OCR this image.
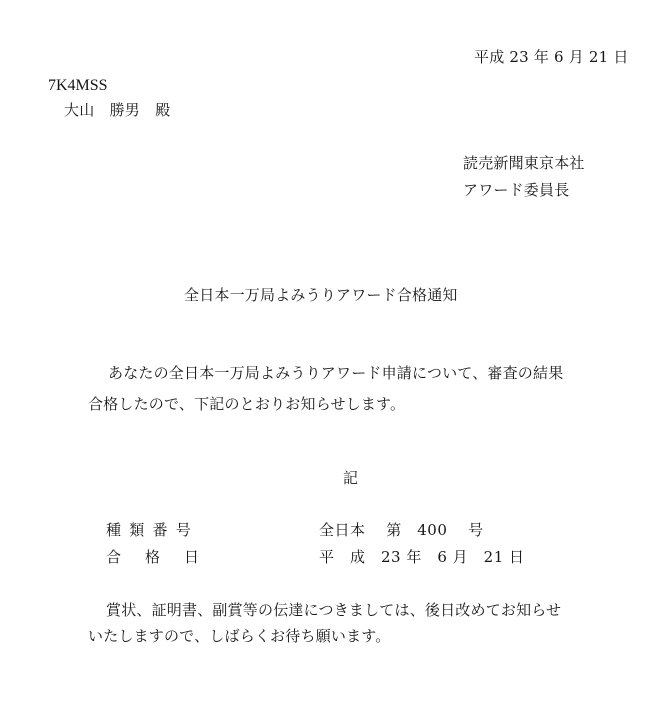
平成 23 年 6 月 21 日
7K4MSS
大山　勝男　殿
読売新聞東京本社
アワード委員長
全日本一万局よみうりアワード合格通知
あなたの全日本一万局よみうりアワード申請について、審査の結果
合格したので、下記のとおりお知らせします。
記
種類番号	全日本　 第　400　 号
合格日	平　成　23 年　6 月　21 日
賞状、証明書、副賞等の伝達につきましては、後日改めてお知らせ
いたしますので、しばらくお待ち願います。
